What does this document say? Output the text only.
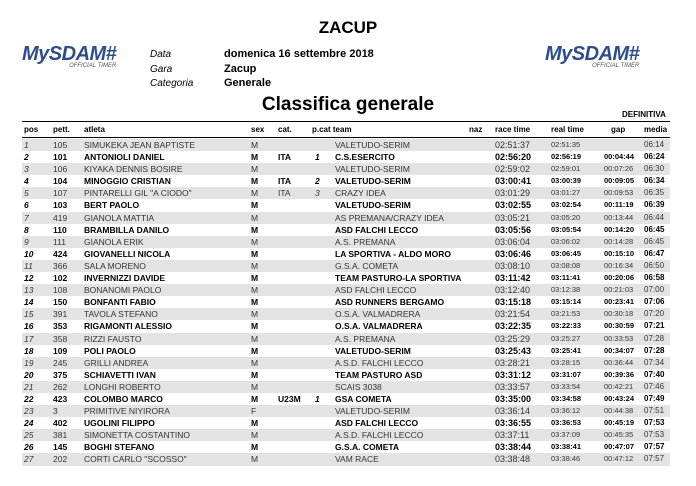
MySDAM#
OFFICIAL TIMER
MySDAM#
OFFICIAL TIMER
ZACUP
Data	domenica 16 settembre 2018
Gara	Zacup
Categoria	Generale
Classifica generale	DEFINITIVA
pos pett. atleta	sex cat.	p.cat team	naz race time	real time	gap media
1	105 SIMUKEKA JEAN BAPTISTE	M	VALETUDO-SERIM	02:51:37	02:51:35	06:14
2	101 ANTONIOLI DANIEL	M ITA	1 C.S.ESERCITO	02:56:20	02:56:19	00:04:44 06:24
3	106 KIYAKA DENNIS BOSIRE	M	VALETUDO-SERIM	02:59:02	02:59:01	00:07:26 06:30
4	104 MINOGGIO CRISTIAN	M ITA	2 VALETUDO-SERIM	03:00:41	03:00:39	00:09:05 06:34
5	107 PINTARELLI GIL "A CIODO"	M ITA	3 CRAZY IDEA	03:01:29	03:01:27	00:09:53 06:35
6	103 BERT PAOLO	M	VALETUDO-SERIM	03:02:55	03:02:54	00:11:19 06:39
7	419 GIANOLA MATTIA	M	AS PREMANA/CRAZY IDEA	03:05:21	03:05:20	00:13:44 06:44
8	110 BRAMBILLA DANILO	M	ASD FALCHI LECCO	03:05:56	03:05:54	00:14:20 06:45
9	111 GIANOLA ERIK	M	A.S. PREMANA	03:06:04	03:06:02	00:14:28 06:45
10 424 GIOVANELLI NICOLA	M	LA SPORTIVA - ALDO MORO	03:06:46	03:06:45	00:15:10 06:47
11 366 SALA MORENO	M	G.S.A. COMETA	03:08:10	03:08:08	00:16:34 06:50
12 102 INVERNIZZI DAVIDE	M	TEAM PASTURO-LA SPORTIVA	03:11:42	03:11:41	00:20:06 06:58
13 108 BONANOMI PAOLO	M	ASD FALCHI LECCO	03:12:40	03:12:38	00:21:03 07:00
14 150 BONFANTI FABIO	M	ASD RUNNERS BERGAMO	03:15:18	03:15:14	00:23:41 07:06
15 391 TAVOLA STEFANO	M	O.S.A. VALMADRERA	03:21:54	03:21:53	00:30:18 07:20
16 353 RIGAMONTI ALESSIO	M	O.S.A. VALMADRERA	03:22:35	03:22:33	00:30:59 07:21
17 358 RIZZI FAUSTO	M	A.S. PREMANA	03:25:29	03:25:27	00:33:53 07:28
18 109 POLI PAOLO	M	VALETUDO-SERIM	03:25:43	03:25:41	00:34:07 07:28
19 245 GRILLI ANDREA	M	A.S.D. FALCHI LECCO	03:28:21	03:28:15	00:36:44 07:34
20 375 SCHIAVETTI IVAN	M	TEAM PASTURO ASD	03:31:12	03:31:07	00:39:36 07:40
21 262 LONGHI ROBERTO	M	SCAIS 3038	03:33:57	03:33:54	00:42:21 07:46
22 423 COLOMBO MARCO	M U23M 1 GSA COMETA	03:35:00	03:34:58	00:43:24 07:49
23 3	PRIMITIVE NIYIRORA	F	VALETUDO-SERIM	03:36:14	03:36:12	00:44:38 07:51
24 402 UGOLINI FILIPPO	M	ASD FALCHI LECCO	03:36:55	03:36:53	00:45:19 07:53
25 381 SIMONETTA COSTANTINO	M	A.S.D. FALCHI LECCO	03:37:11	03:37:09	00:45:35 07:53
26 145 BOGHI STEFANO	M	G.S.A. COMETA	03:38:44	03:38:41	00:47:07 07:57
27 202 CORTI CARLO "SCOSSO"	M	VAM RACE	03:38:48	03:38:46	00:47:12 07:57
